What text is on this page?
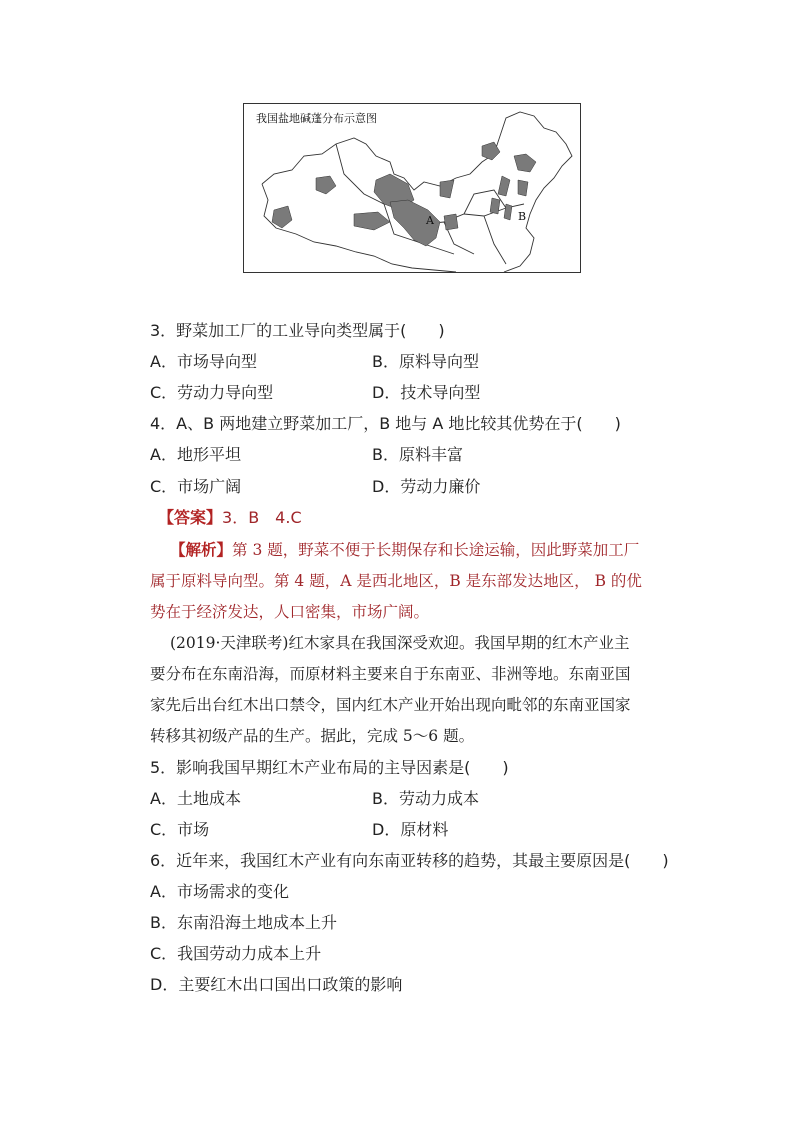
我国盐地碱蓬分布示意图
A	B
3．野菜加工厂的工业导向类型属于(　　)
A．市场导向型	B．原料导向型
C．劳动力导向型	D．技术导向型
4．A、B 两地建立野菜加工厂，B 地与 A 地比较其优势在于(　　)
A．地形平坦	B．原料丰富
C．市场广阔	D．劳动力廉价
【答案】3．B　4.C
【解析】第 3 题，野菜不便于长期保存和长途运输，因此野菜加工厂属于原料导向型。第 4 题，A 是西北地区，B 是东部发达地区， B 的优势在于经济发达，人口密集，市场广阔。
(2019·天津联考)红木家具在我国深受欢迎。我国早期的红木产业主要分布在东南沿海，而原材料主要来自于东南亚、非洲等地。东南亚国家先后出台红木出口禁令，国内红木产业开始出现向毗邻的东南亚国家转移其初级产品的生产。据此，完成 5～6 题。
5．影响我国早期红木产业布局的主导因素是(　　)
A．土地成本	B．劳动力成本
C．市场	D．原材料
6．近年来，我国红木产业有向东南亚转移的趋势，其最主要原因是(　　)
A．市场需求的变化
B．东南沿海土地成本上升
C．我国劳动力成本上升
D．主要红木出口国出口政策的影响
